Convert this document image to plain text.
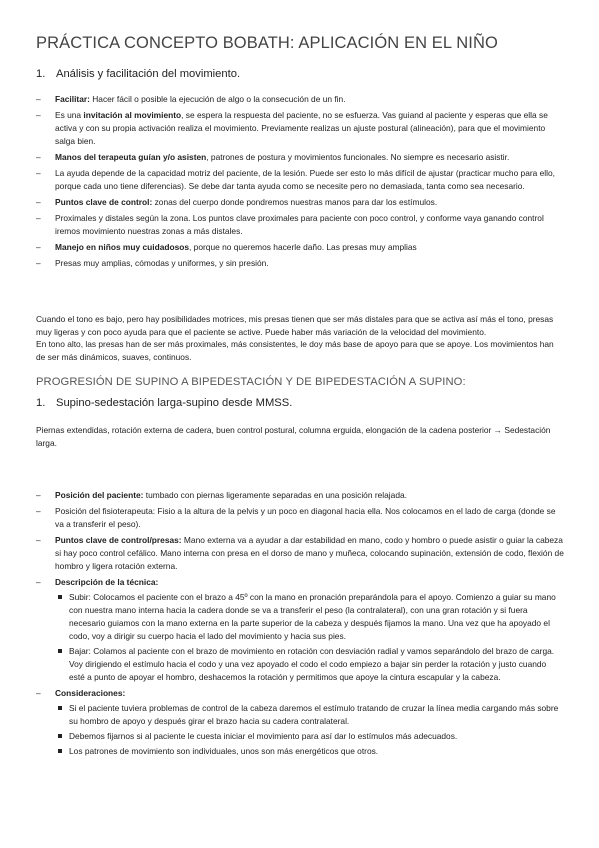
PRÁCTICA CONCEPTO BOBATH: APLICACIÓN EN EL NIÑO
1. Análisis y facilitación del movimiento.
– Facilitar: Hacer fácil o posible la ejecución de algo o la consecución de un fin.
– Es una invitación al movimiento, se espera la respuesta del paciente, no se esfuerza. Vas guiand al paciente y esperas que ella se activa y con su propia activación realiza el movimiento. Previamente realizas un ajuste postural (alineación), para que el movimiento salga bien.
– Manos del terapeuta guían y/o asisten, patrones de postura y movimientos funcionales. No siempre es necesario asistir.
– La ayuda depende de la capacidad motriz del paciente, de la lesión. Puede ser esto lo más difícil de ajustar (practicar mucho para ello, porque cada uno tiene diferencias). Se debe dar tanta ayuda como se necesite pero no demasiada, tanta como sea necesario.
– Puntos clave de control: zonas del cuerpo donde pondremos nuestras manos para dar los estímulos.
– Proximales y distales según la zona. Los puntos clave proximales para paciente con poco control, y conforme vaya ganando control iremos movimiento nuestras zonas a más distales.
– Manejo en niños muy cuidadosos, porque no queremos hacerle daño. Las presas muy amplias
– Presas muy amplias, cómodas y uniformes, y sin presión.
Cuando el tono es bajo, pero hay posibilidades motrices, mis presas tienen que ser más distales para que se activa así más el tono, presas muy ligeras y con poco ayuda para que el paciente se active. Puede haber más variación de la velocidad del movimiento.
En tono alto, las presas han de ser más proximales, más consistentes, le doy más base de apoyo para que se apoye. Los movimientos han de ser más dinámicos, suaves, continuos.
PROGRESIÓN DE SUPINO A BIPEDESTACIÓN Y DE BIPEDESTACIÓN A SUPINO:
1. Supino-sedestación larga-supino desde MMSS.
Piernas extendidas, rotación externa de cadera, buen control postural, columna erguida, elongación de la cadena posterior → Sedestación larga.
– Posición del paciente: tumbado con piernas ligeramente separadas en una posición relajada.
– Posición del fisioterapeuta: Fisio a la altura de la pelvis y un poco en diagonal hacia ella. Nos colocamos en el lado de carga (donde se va a transferir el peso).
– Puntos clave de control/presas: Mano externa va a ayudar a dar estabilidad en mano, codo y hombro o puede asistir o guiar la cabeza si hay poco control cefálico. Mano interna con presa en el dorso de mano y muñeca, colocando supinación, extensión de codo, flexión de hombro y ligera rotación externa.
– Descripción de la técnica:
Subir: Colocamos el paciente con el brazo a 45º con la mano en pronación preparándola para el apoyo. Comienzo a guiar su mano con nuestra mano interna hacia la cadera donde se va a transferir el peso (la contralateral), con una gran rotación y si fuera necesario guiamos con la mano externa en la parte superior de la cabeza y después fijamos la mano. Una vez que ha apoyado el codo, voy a dirigir su cuerpo hacia el lado del movimiento y hacia sus pies.
Bajar: Colamos al paciente con el brazo de movimiento en rotación con desviación radial y vamos separándolo del brazo de carga. Voy dirigiendo el estímulo hacia el codo y una vez apoyado el codo el codo empiezo a bajar sin perder la rotación y justo cuando esté a punto de apoyar el hombro, deshacemos la rotación y permitimos que apoye la cintura escapular y la cabeza.
– Consideraciones:
Si el paciente tuviera problemas de control de la cabeza daremos el estímulo tratando de cruzar la línea media cargando más sobre su hombro de apoyo y después girar el brazo hacia su cadera contralateral.
Debemos fijarnos si al paciente le cuesta iniciar el movimiento para así dar lo estímulos más adecuados.
Los patrones de movimiento son individuales, unos son más energéticos que otros.
